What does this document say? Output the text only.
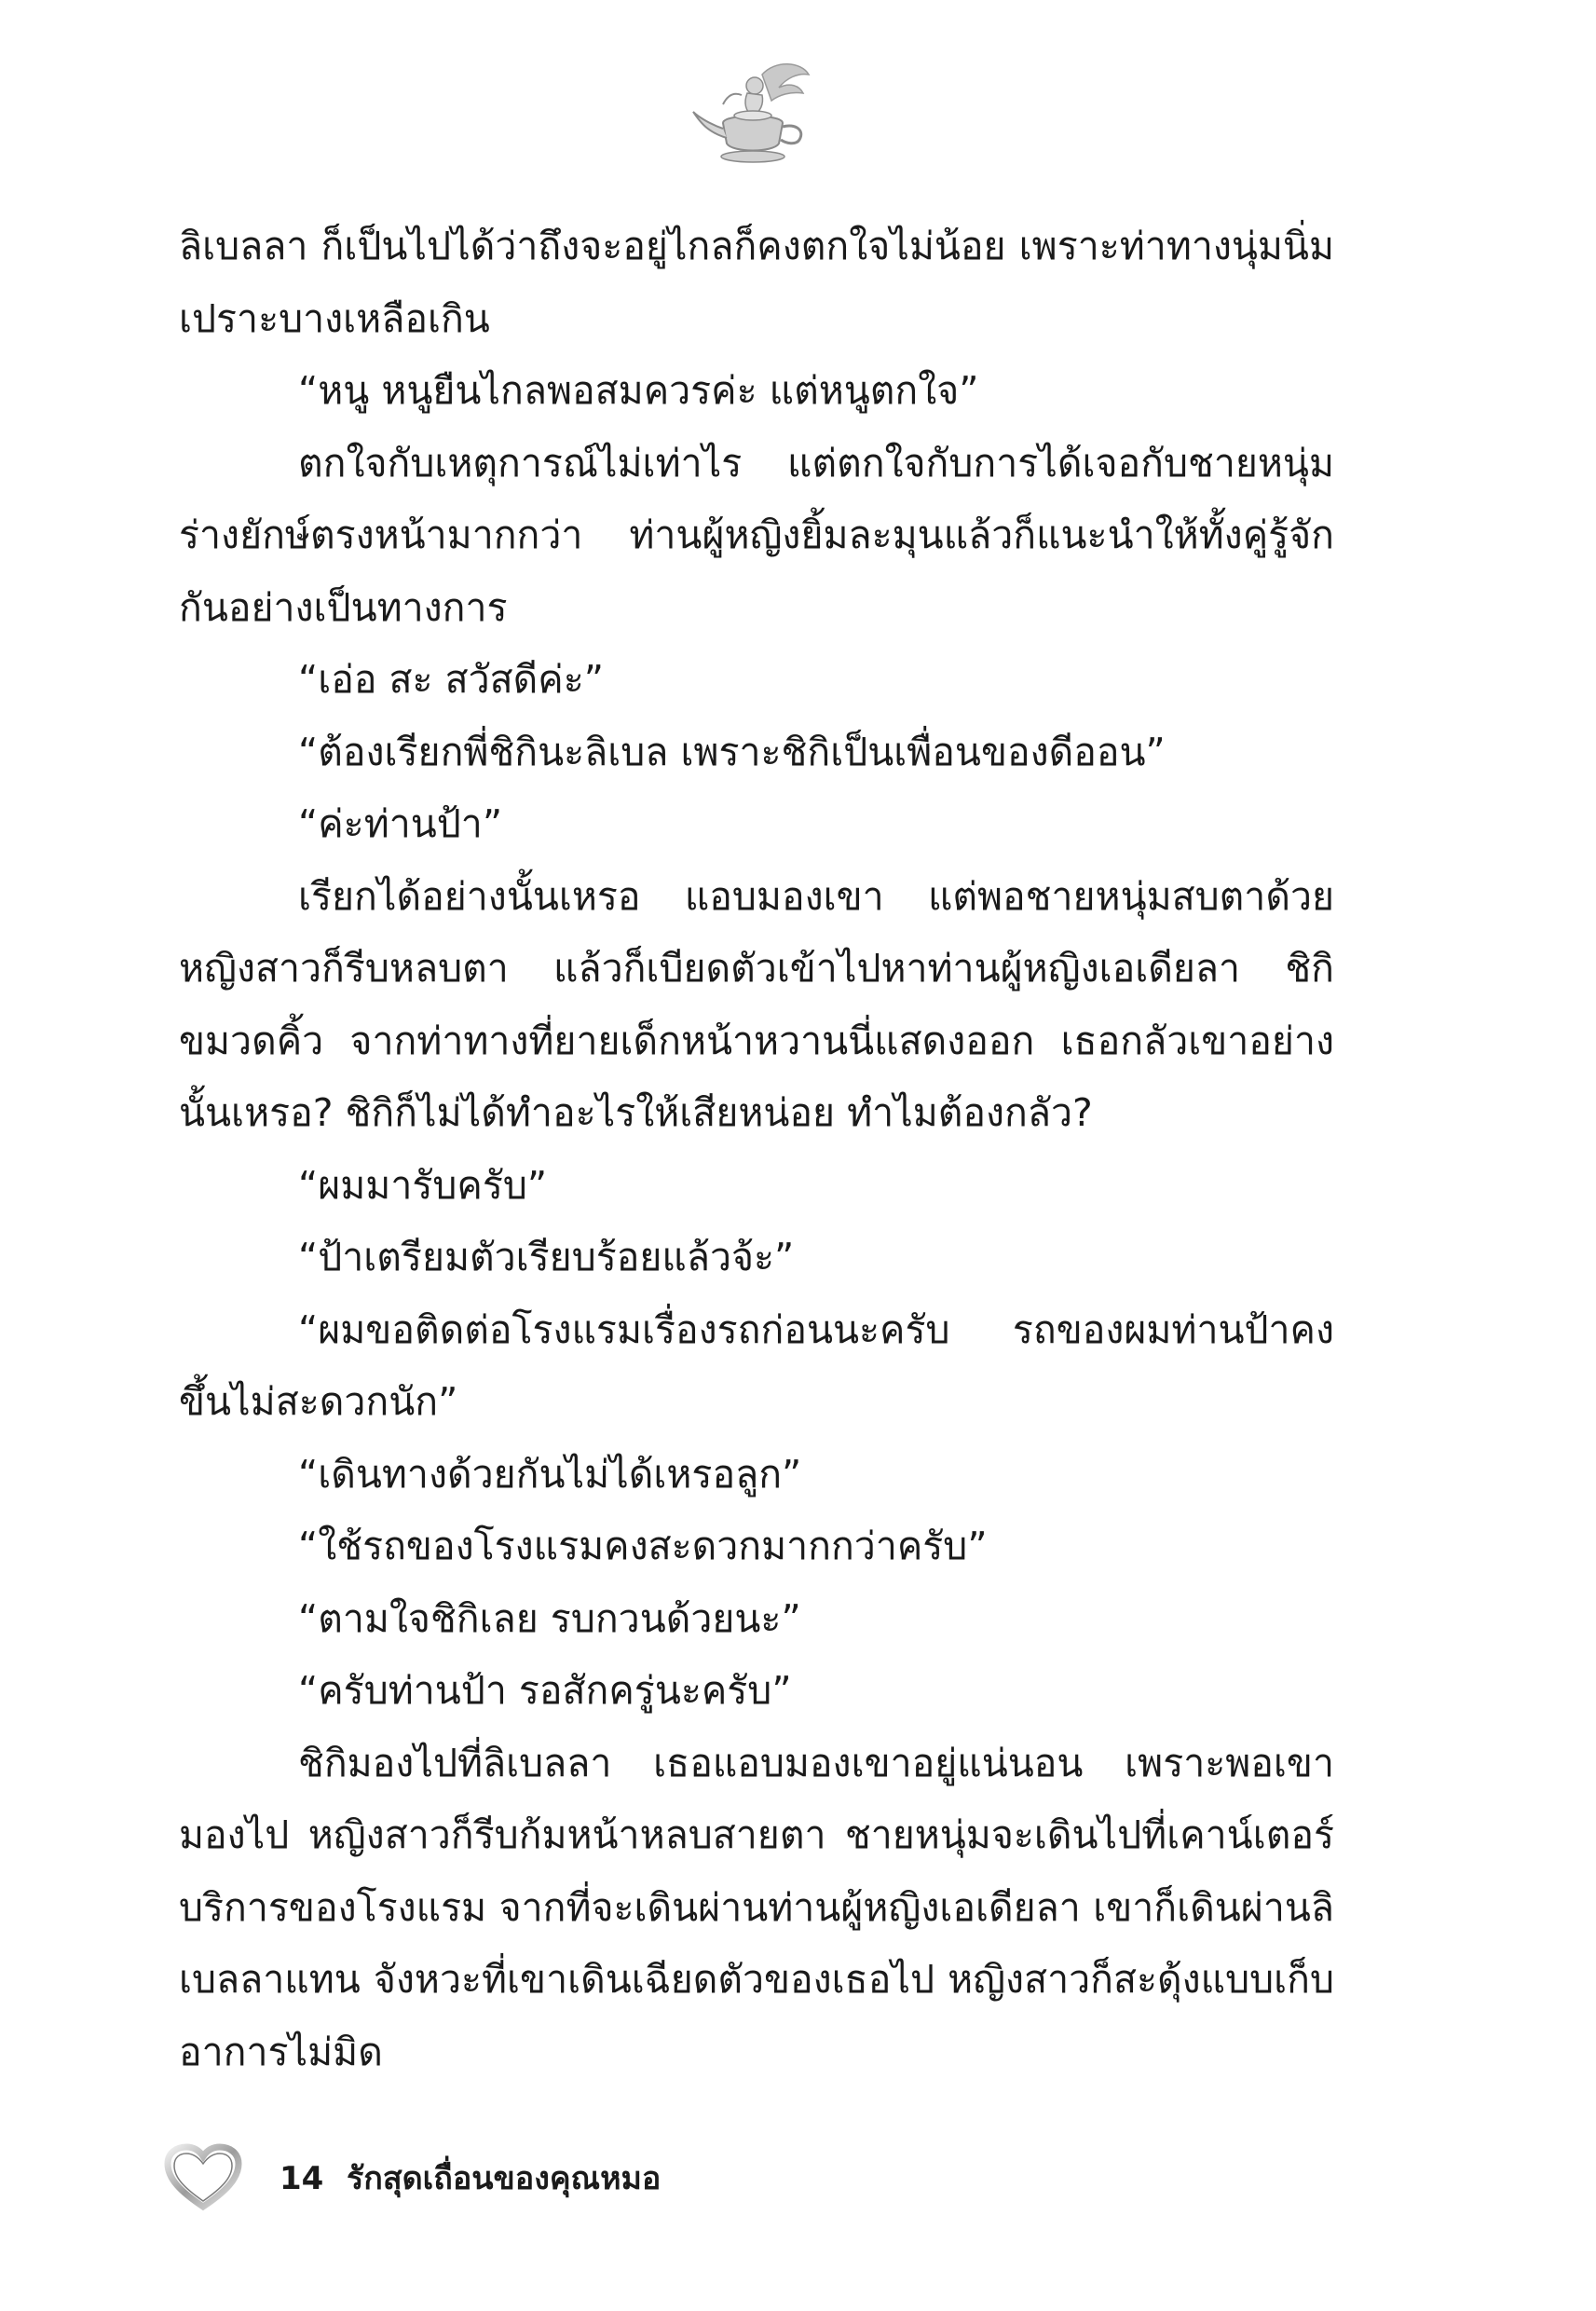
ลิเบลลา ก็เป็นไปได้ว่าถึงจะอยู่ไกลก็คงตกใจไม่น้อย เพราะท่าทางนุ่มนิ่มเปราะบางเหลือเกิน

“หนู หนูยืนไกลพอสมควรค่ะ แต่หนูตกใจ”

ตกใจกับเหตุการณ์ไม่เท่าไร แต่ตกใจกับการได้เจอกับชายหนุ่มร่างยักษ์ตรงหน้ามากกว่า ท่านผู้หญิงยิ้มละมุนแล้วก็แนะนำให้ทั้งคู่รู้จักกันอย่างเป็นทางการ

“เอ่อ สะ สวัสดีค่ะ”

“ต้องเรียกพี่ชิกินะลิเบล เพราะชิกิเป็นเพื่อนของดีออน”

“ค่ะท่านป้า”

เรียกได้อย่างนั้นเหรอ แอบมองเขา แต่พอชายหนุ่มสบตาด้วยหญิงสาวก็รีบหลบตา แล้วก็เบียดตัวเข้าไปหาท่านผู้หญิงเอเดียลา ชิกิขมวดคิ้ว จากท่าทางที่ยายเด็กหน้าหวานนี่แสดงออก เธอกลัวเขาอย่างนั้นเหรอ? ชิกิก็ไม่ได้ทำอะไรให้เสียหน่อย ทำไมต้องกลัว?

“ผมมารับครับ”

“ป้าเตรียมตัวเรียบร้อยแล้วจ้ะ”

“ผมขอติดต่อโรงแรมเรื่องรถก่อนนะครับ รถของผมท่านป้าคงขึ้นไม่สะดวกนัก”

“เดินทางด้วยกันไม่ได้เหรอลูก”

“ใช้รถของโรงแรมคงสะดวกมากกว่าครับ”

“ตามใจชิกิเลย รบกวนด้วยนะ”

“ครับท่านป้า รอสักครู่นะครับ”

ชิกิมองไปที่ลิเบลลา เธอแอบมองเขาอยู่แน่นอน เพราะพอเขามองไป หญิงสาวก็รีบก้มหน้าหลบสายตา ชายหนุ่มจะเดินไปที่เคาน์เตอร์บริการของโรงแรม จากที่จะเดินผ่านท่านผู้หญิงเอเดียลา เขาก็เดินผ่านลิเบลลาแทน จังหวะที่เขาเดินเฉียดตัวของเธอไป หญิงสาวก็สะดุ้งแบบเก็บอาการไม่มิด

14 รักสุดเถื่อนของคุณหมอ
